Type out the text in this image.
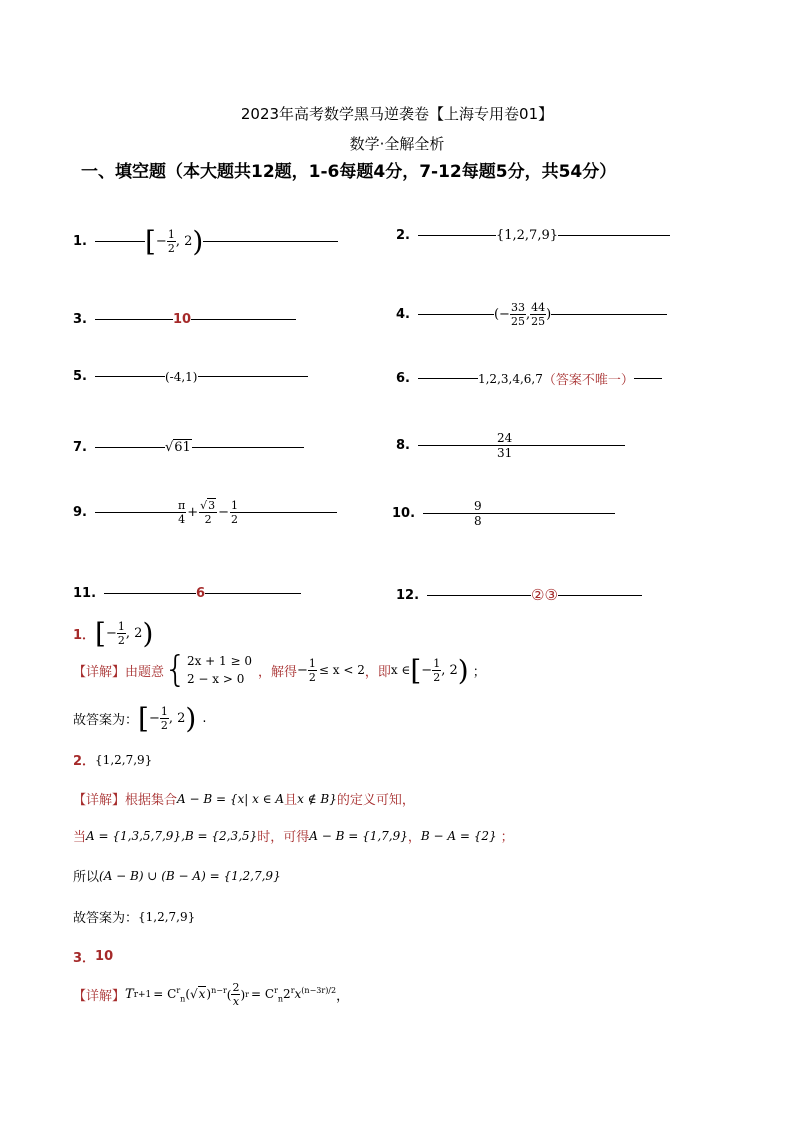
2023年高考数学黑马逆袭卷【上海专用卷01】
数学·全解全析
一、填空题（本大题共12题，1-6每题4分，7-12每题5分，共54分）
1. [ − $\frac{1}{2}$ , 2 )	2.	{1,2,7,9}
3.	10	4.	(− $\frac{33}{25}$ , $\frac{44}{25}$ )
5.	(-4,1)	6.	1,2,3,4,6,7 （答案不唯一）
7.	√61	8.	$\frac{24}{31}$
9.	$\frac{\pi}{4} + \frac{√3}{2} - \frac{1}{2}$	10.	$\frac{9}{8}$
11.	6	12.	②③
1． [ − $\frac{1}{2}$ , 2 )
【详解】 由题意 { 2x + 1 ≥ 0
2 − x > 0	，解得 − $\frac{1}{2} \le x < 2$ ，即 x ∈ [ − $\frac{1}{2}$ , 2 ) ；
故答案为： [ − $\frac{1}{2}$ , 2 ) .
2． {1,2,7,9}
【详解】 根据集合 A − B = {x| x ∈ A 且 x ∉ B} 的定义可知，
当 A = {1,3,5,7,9} ,B = {2,3,5} 时，可得 A − B = {1,7,9} ， B − A = {2} ；
所以 (A − B) ∪ (B − A) = {1,2,7,9}
故答案为： {1,2,7,9}
3． 10
【详解】 T $r+1 = C^r_n(√x)^{n-r}$ ( $\frac{2}{x}$ ) $r = C^r_n2^rx^{(n-3r)/2}$ ，
